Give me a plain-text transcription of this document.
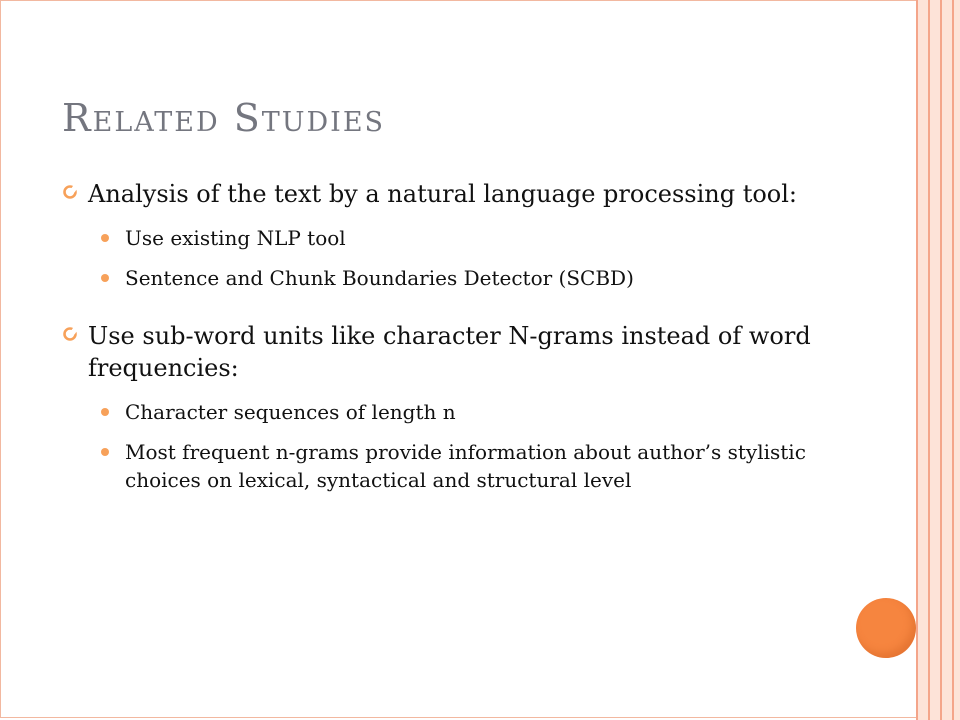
Related Studies
Analysis of the text by a natural language processing tool:
Use existing NLP tool
Sentence and Chunk Boundaries Detector (SCBD)
Use sub-word units like character N-grams instead of word frequencies:
Character sequences of length n
Most frequent n-grams provide information about author’s stylistic choices on lexical, syntactical and structural level
